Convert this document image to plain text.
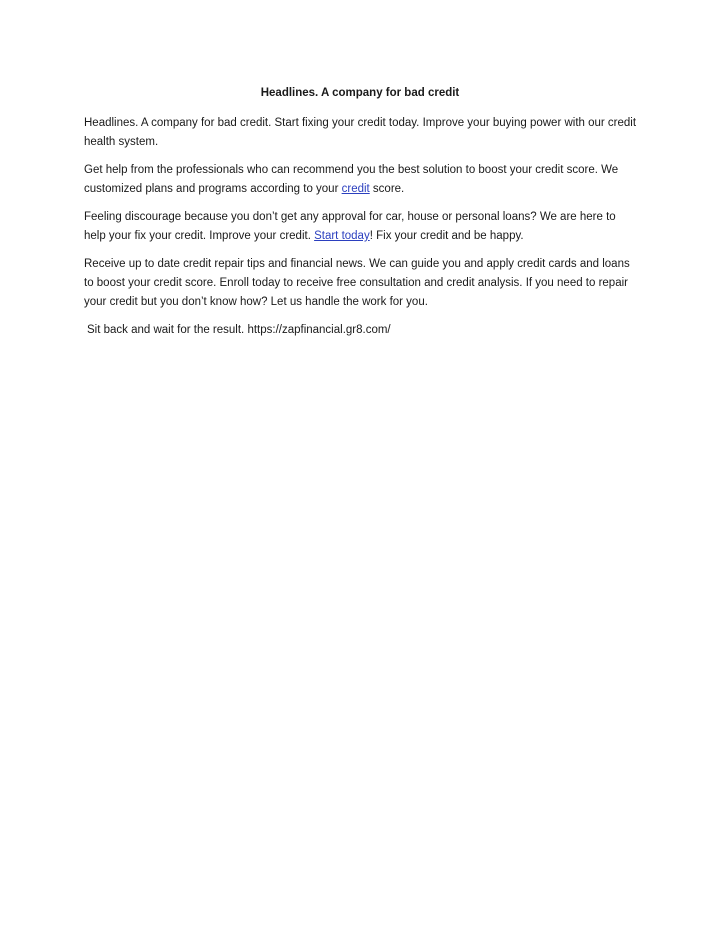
Headlines. A company for bad credit

Headlines. A company for bad credit. Start fixing your credit today. Improve your buying power with our credit health system.

Get help from the professionals who can recommend you the best solution to boost your credit score. We customized plans and programs according to your credit score.

Feeling discourage because you don’t get any approval for car, house or personal loans? We are here to help your fix your credit. Improve your credit. Start today! Fix your credit and be happy.

Receive up to date credit repair tips and financial news. We can guide you and apply credit cards and loans to boost your credit score. Enroll today to receive free consultation and credit analysis. If you need to repair your credit but you don’t know how? Let us handle the work for you.

Sit back and wait for the result. https://zapfinancial.gr8.com/
